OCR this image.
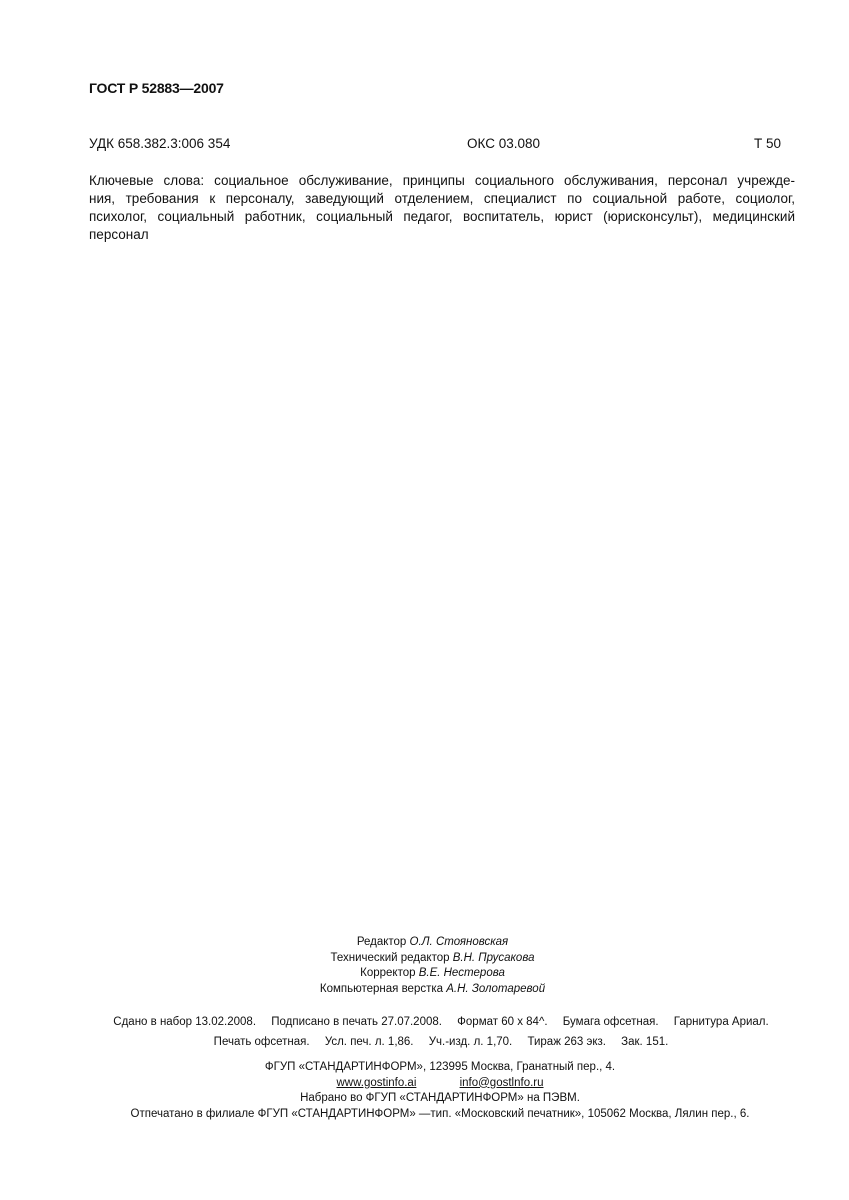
ГОСТ Р 52883—2007
УДК 658.382.3:006 354	ОКС 03.080	Т 50
Ключевые слова: социальное обслуживание, принципы социального обслуживания, персонал учрежде-
ния, требования к персоналу, заведующий отделением, специалист по социальной работе, социолог,
психолог, социальный работник, социальный педагог, воспитатель, юрист (юрисконсульт), медицинский
персонал
Редактор О.Л. Стояновская
Технический редактор В.Н. Прусакова
Корректор В.Е. Нестерова
Компьютерная верстка А.Н. Золотаревой
Сдано в набор 13.02.2008. Подписано в печать 27.07.2008. Формат 60 х 84^. Бумага офсетная. Гарнитура Ариал.
Печать офсетная. Усл. печ. л. 1,86. Уч.-изд. л. 1,70. Тираж 263 экз. Зак. 151.
ФГУП «СТАНДАРТИНФОРМ», 123995 Москва, Гранатный пер., 4.
www.gostinfo.ai	info@gostlnfo.ru
Набрано во ФГУП «СТАНДАРТИНФОРМ» на ПЭВМ.
Отпечатано в филиале ФГУП «СТАНДАРТИНФОРМ» —тип. «Московский печатник», 105062 Москва, Лялин пер., 6.
